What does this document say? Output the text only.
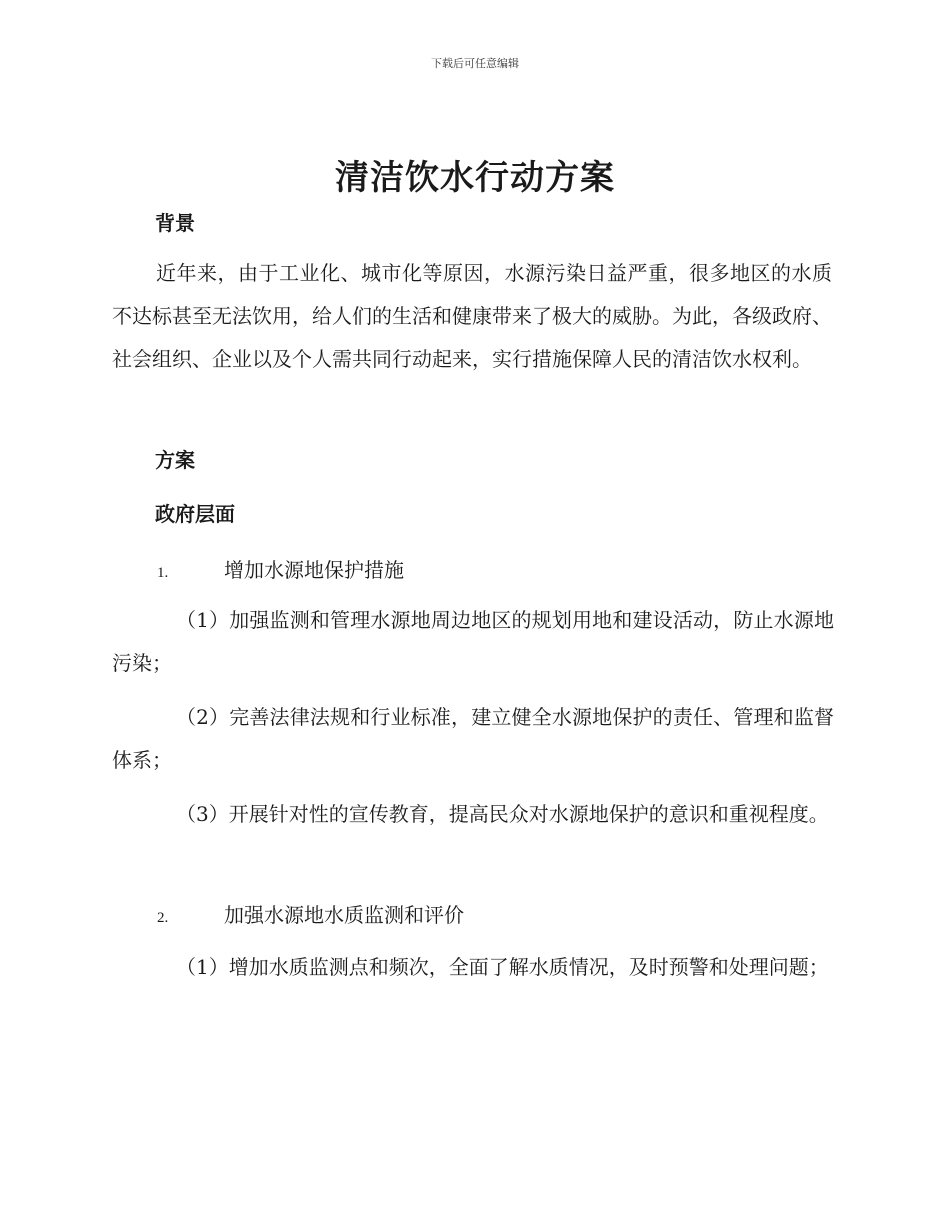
下载后可任意编辑
清洁饮水行动方案
背景

近年来，由于工业化、城市化等原因，水源污染日益严重，很多地区的水质不达标甚至无法饮用，给人们的生活和健康带来了极大的威胁。为此，各级政府、社会组织、企业以及个人需共同行动起来，实行措施保障人民的清洁饮水权利。

方案
政府层面
1.	增加水源地保护措施

（1）加强监测和管理水源地周边地区的规划用地和建设活动，防止水源地污染；

（2）完善法律法规和行业标准，建立健全水源地保护的责任、管理和监督体系；

（3）开展针对性的宣传教育，提高民众对水源地保护的意识和重视程度。

2.	加强水源地水质监测和评价

（1）增加水质监测点和频次，全面了解水质情况，及时预警和处理问题；
